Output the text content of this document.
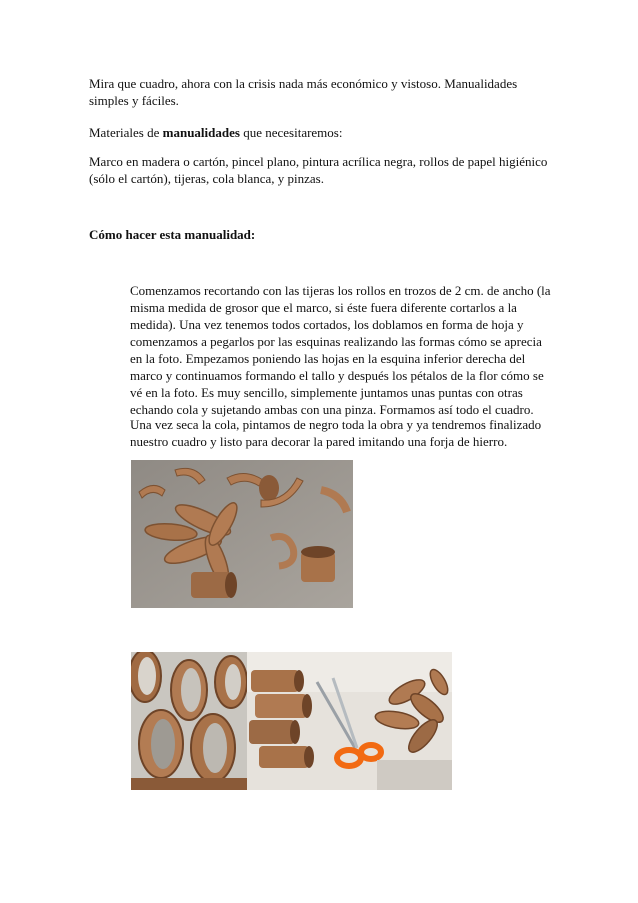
Mira que cuadro, ahora con la crisis nada más económico y vistoso. Manualidades

simples y fáciles.

Materiales de manualidades que necesitaremos:

Marco en madera o cartón, pincel plano, pintura acrílica negra, rollos de papel higiénico

(sólo el cartón), tijeras, cola blanca, y pinzas.

Cómo hacer esta manualidad:

Comenzamos recortando con las tijeras los rollos en trozos de 2 cm. de ancho (la

misma medida de grosor que el marco, si éste fuera diferente cortarlos a la

medida). Una vez tenemos todos cortados, los doblamos en forma de hoja y

comenzamos a pegarlos por las esquinas realizando las formas cómo se aprecia

en la foto. Empezamos poniendo las hojas en la esquina inferior derecha del

marco y continuamos formando el tallo y después los pétalos de la flor cómo se

vé en la foto. Es muy sencillo, simplemente juntamos unas puntas con otras

echando cola y sujetando ambas con una pinza. Formamos así todo el cuadro.

Una vez seca la cola, pintamos de negro toda la obra y ya tendremos finalizado

nuestro cuadro y listo para decorar la pared imitando una forja de hierro.
